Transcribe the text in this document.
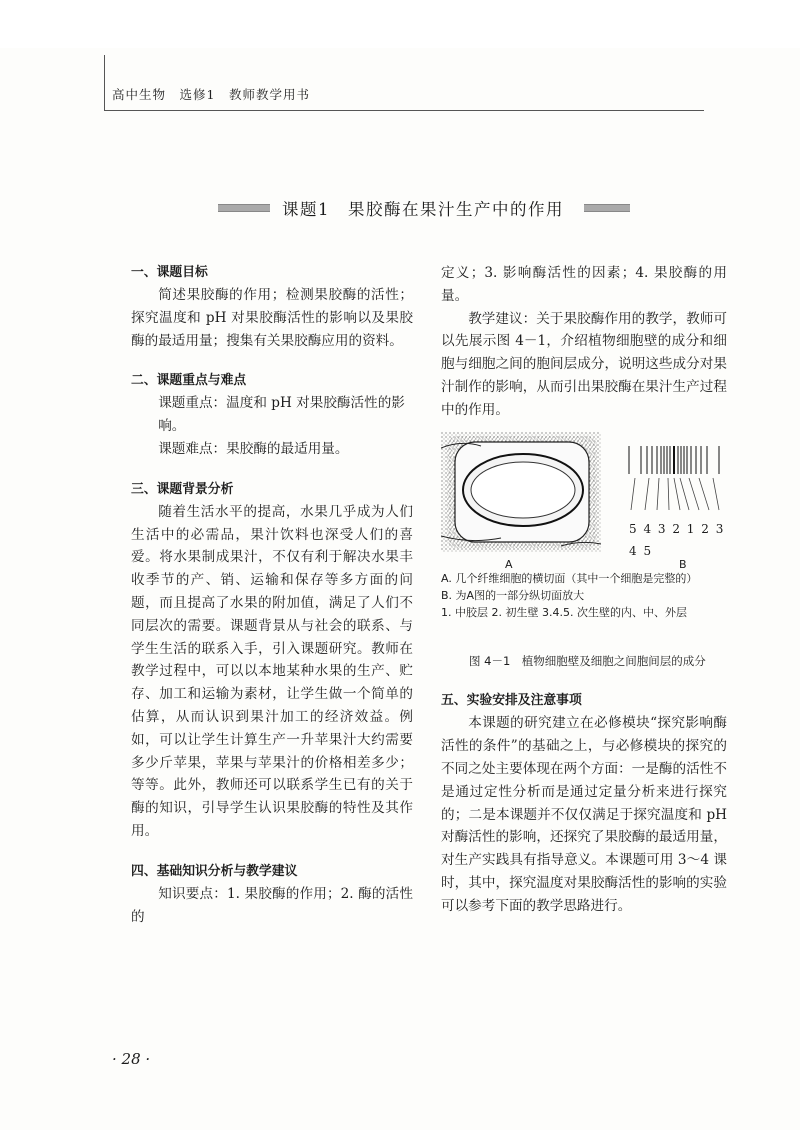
高中生物　选修1　教师教学用书
课题1　果胶酶在果汁生产中的作用
一、课题目标

简述果胶酶的作用；检测果胶酶的活性；探究温度和 pH 对果胶酶活性的影响以及果胶酶的最适用量；搜集有关果胶酶应用的资料。

二、课题重点与难点

课题重点：温度和 pH 对果胶酶活性的影响。

课题难点：果胶酶的最适用量。

三、课题背景分析

随着生活水平的提高，水果几乎成为人们生活中的必需品，果汁饮料也深受人们的喜爱。将水果制成果汁，不仅有利于解决水果丰收季节的产、销、运输和保存等多方面的问题，而且提高了水果的附加值，满足了人们不同层次的需要。课题背景从与社会的联系、与学生生活的联系入手，引入课题研究。教师在教学过程中，可以以本地某种水果的生产、贮存、加工和运输为素材，让学生做一个简单的估算，从而认识到果汁加工的经济效益。例如，可以让学生计算生产一升苹果汁大约需要多少斤苹果，苹果与苹果汁的价格相差多少；等等。此外，教师还可以联系学生已有的关于酶的知识，引导学生认识果胶酶的特性及其作用。

四、基础知识分析与教学建议

知识要点：1. 果胶酶的作用；2. 酶的活性的

定义；3. 影响酶活性的因素；4. 果胶酶的用量。

教学建议：关于果胶酶作用的教学，教师可以先展示图 4－1，介绍植物细胞壁的成分和细胞与细胞之间的胞间层成分，说明这些成分对果汁制作的影响，从而引出果胶酶在果汁生产过程中的作用。

5 4 3 2 1 2 3 4 5
A	B

A. 几个纤维细胞的横切面（其中一个细胞是完整的）

B. 为A图的一部分纵切面放大

1. 中胶层 2. 初生壁 3.4.5. 次生壁的内、中、外层

图 4－1　植物细胞壁及细胞之间胞间层的成分

五、实验安排及注意事项

本课题的研究建立在必修模块“探究影响酶活性的条件”的基础之上，与必修模块的探究的不同之处主要体现在两个方面：一是酶的活性不是通过定性分析而是通过定量分析来进行探究的；二是本课题并不仅仅满足于探究温度和 pH 对酶活性的影响，还探究了果胶酶的最适用量，对生产实践具有指导意义。本课题可用 3～4 课时，其中，探究温度对果胶酶活性的影响的实验可以参考下面的教学思路进行。

· 28 ·
